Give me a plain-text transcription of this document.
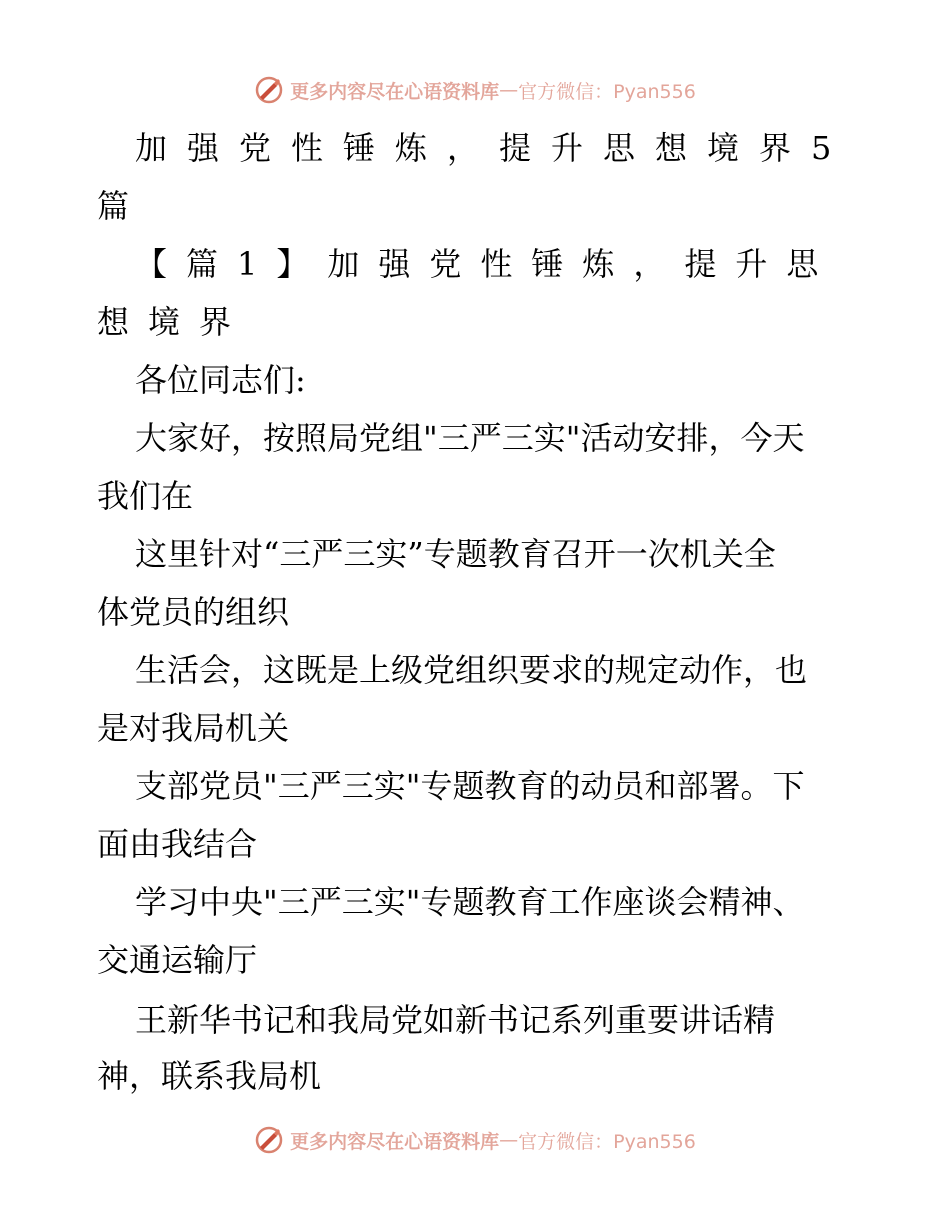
更多内容尽在心语资料库 — 官方微信：Pyan556
加强党性锤炼，提升思想境界5
篇
【篇1】加强党性锤炼，提升思
想境界
各位同志们:
大家好，按照局党组"三严三实"活动安排，今天
我们在
这里针对“三严三实”专题教育召开一次机关全
体党员的组织
生活会，这既是上级党组织要求的规定动作，也
是对我局机关
支部党员"三严三实"专题教育的动员和部署。下
面由我结合
学习中央"三严三实"专题教育工作座谈会精神、
交通运输厅
王新华书记和我局党如新书记系列重要讲话精
神，联系我局机
更多内容尽在心语资料库 — 官方微信：Pyan556
